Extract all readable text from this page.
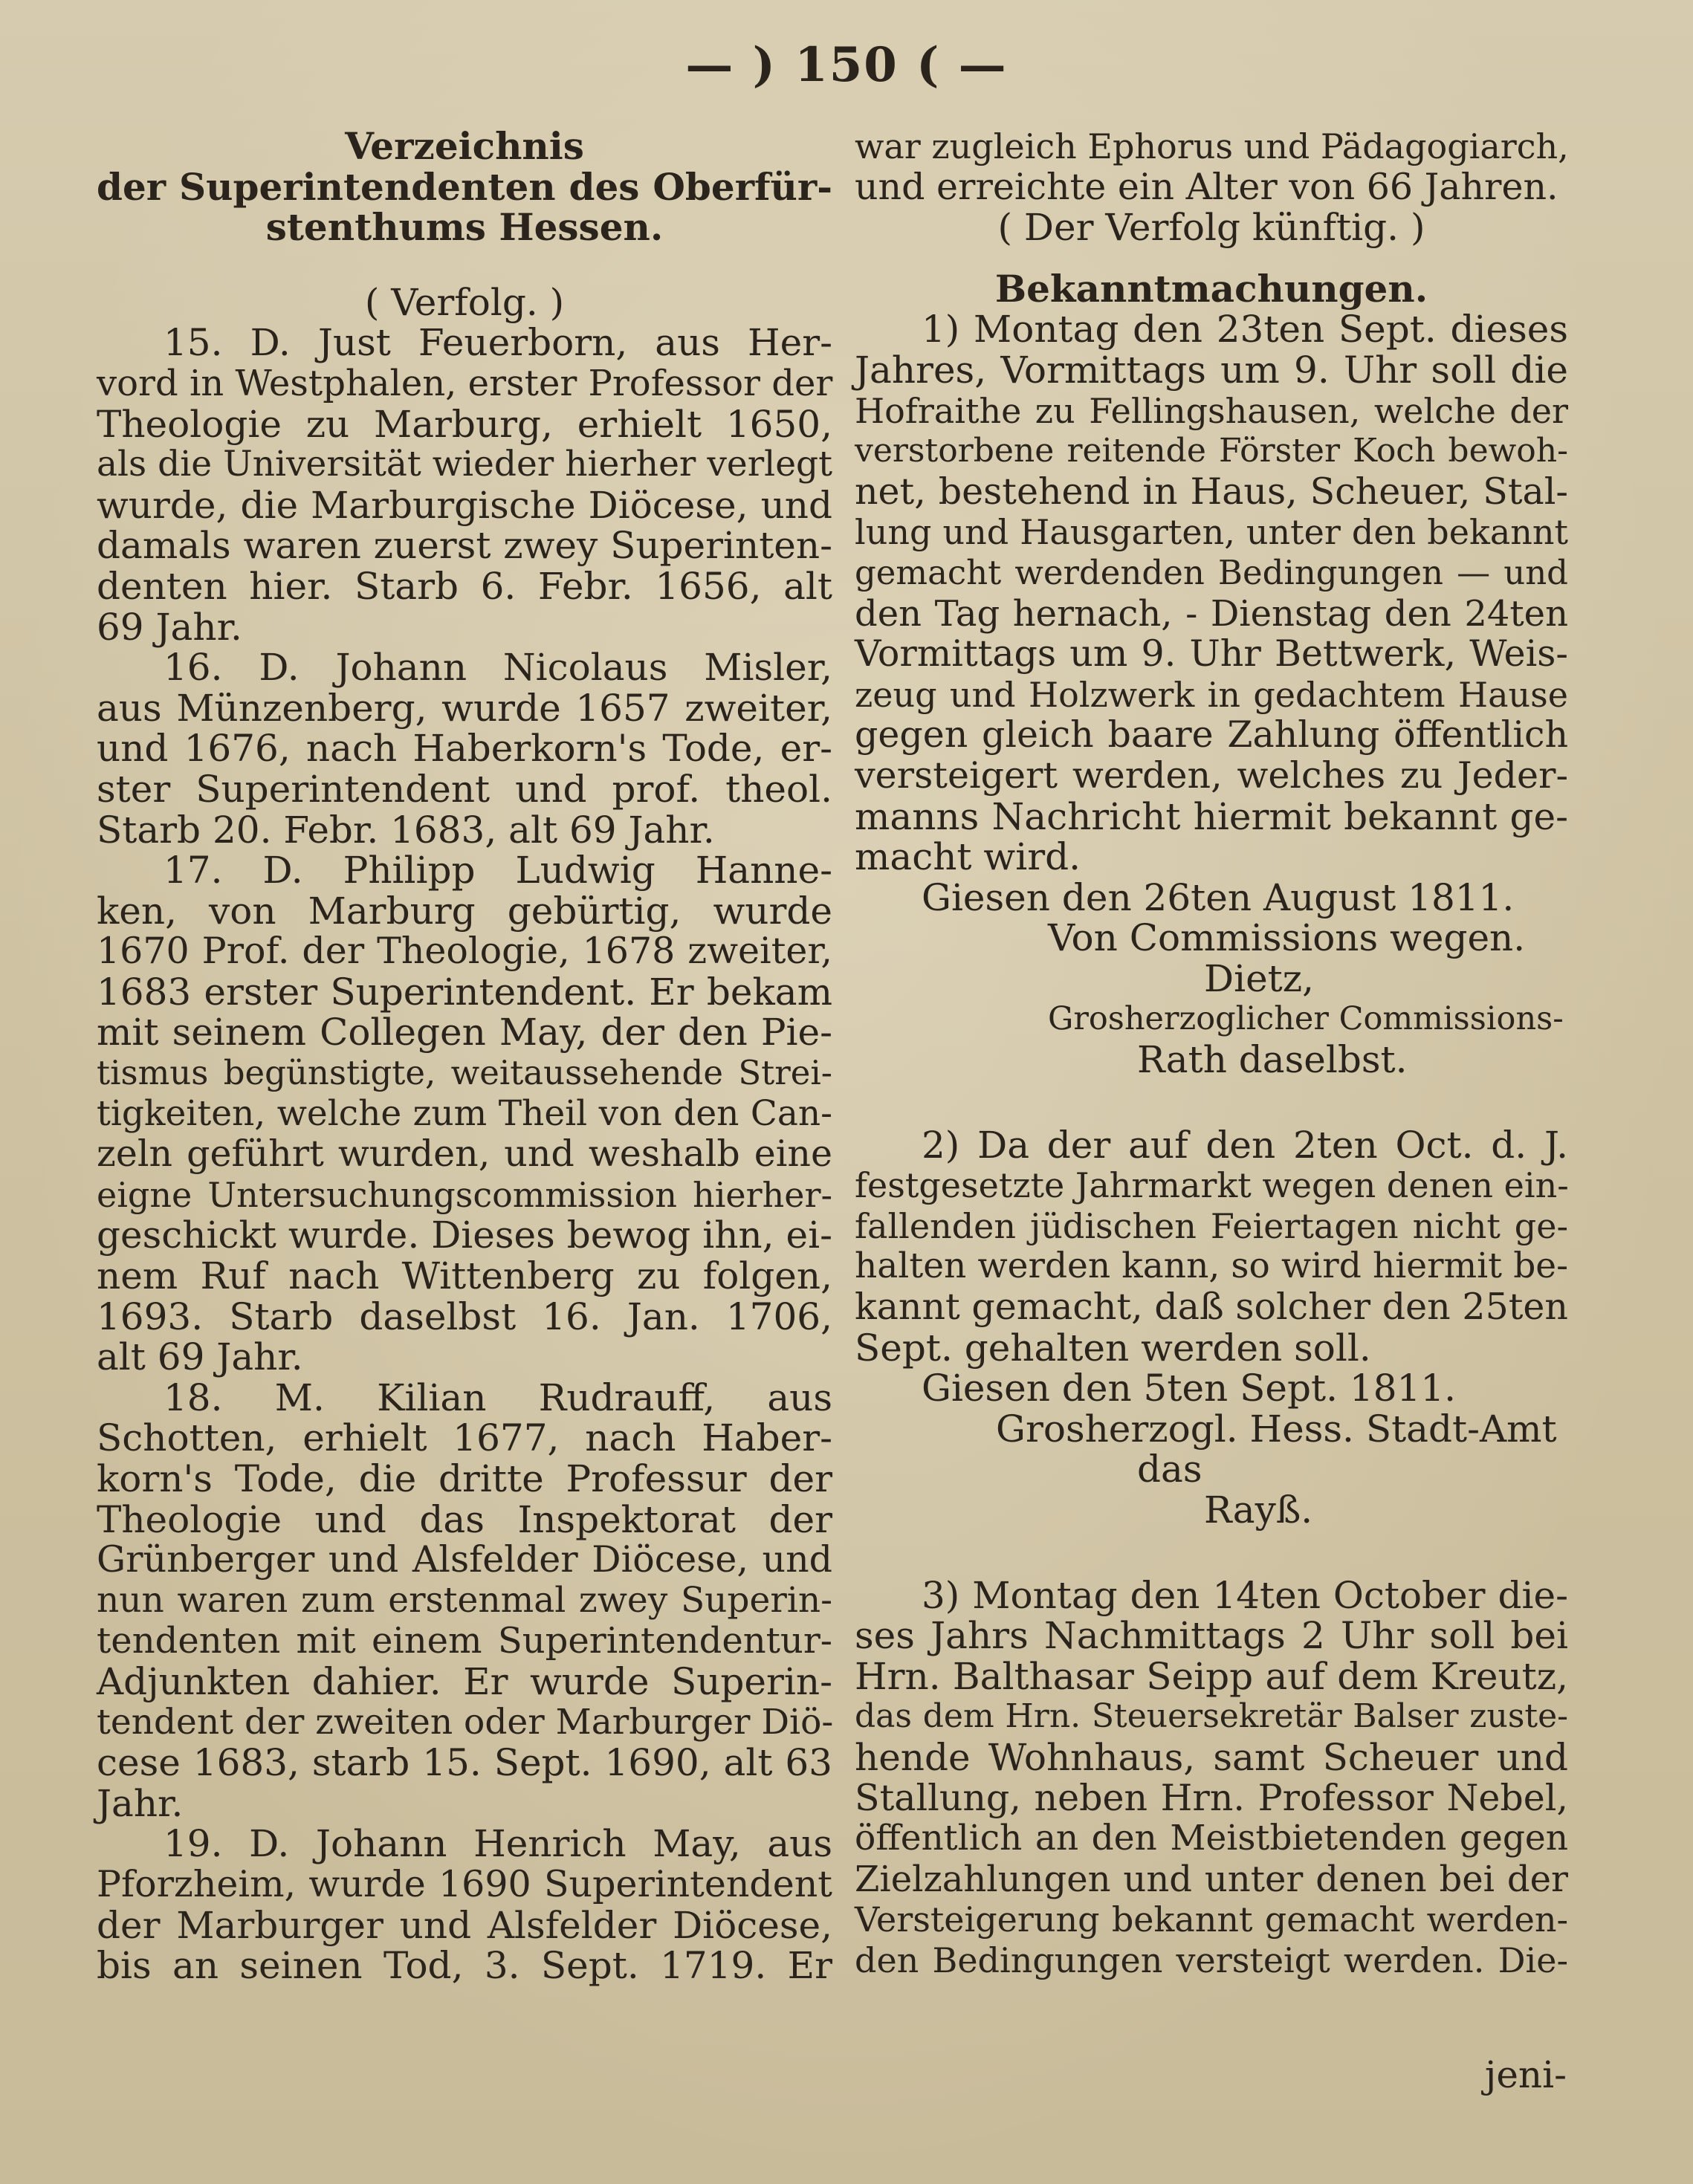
— ) 150 ( —
Verzeichnis
der Superintendenten des Oberfür-
stenthums Hessen.
( Verfolg. )
15. D. Just Feuerborn, aus Her-
vord in Westphalen, erster Professor der
Theologie zu Marburg, erhielt 1650,
als die Universität wieder hierher verlegt
wurde, die Marburgische Diöcese, und
damals waren zuerst zwey Superinten-
denten hier. Starb 6. Febr. 1656, alt
69 Jahr.
16. D. Johann Nicolaus Misler,
aus Münzenberg, wurde 1657 zweiter,
und 1676, nach Haberkorn's Tode, er-
ster Superintendent und prof. theol.
Starb 20. Febr. 1683, alt 69 Jahr.
17. D. Philipp Ludwig Hanne-
ken, von Marburg gebürtig, wurde
1670 Prof. der Theologie, 1678 zweiter,
1683 erster Superintendent. Er bekam
mit seinem Collegen May, der den Pie-
tismus begünstigte, weitaussehende Strei-
tigkeiten, welche zum Theil von den Can-
zeln geführt wurden, und weshalb eine
eigne Untersuchungscommission hierher-
geschickt wurde. Dieses bewog ihn, ei-
nem Ruf nach Wittenberg zu folgen,
1693. Starb daselbst 16. Jan. 1706,
alt 69 Jahr.
18. M. Kilian Rudrauff, aus
Schotten, erhielt 1677, nach Haber-
korn's Tode, die dritte Professur der
Theologie und das Inspektorat der
Grünberger und Alsfelder Diöcese, und
nun waren zum erstenmal zwey Superin-
tendenten mit einem Superintendentur-
Adjunkten dahier. Er wurde Superin-
tendent der zweiten oder Marburger Diö-
cese 1683, starb 15. Sept. 1690, alt 63
Jahr.
19. D. Johann Henrich May, aus
Pforzheim, wurde 1690 Superintendent
der Marburger und Alsfelder Diöcese,
bis an seinen Tod, 3. Sept. 1719. Er
war zugleich Ephorus und Pädagogiarch,
und erreichte ein Alter von 66 Jahren.
( Der Verfolg künftig. )
Bekanntmachungen.
1) Montag den 23ten Sept. dieses
Jahres, Vormittags um 9. Uhr soll die
Hofraithe zu Fellingshausen, welche der
verstorbene reitende Förster Koch bewoh-
net, bestehend in Haus, Scheuer, Stal-
lung und Hausgarten, unter den bekannt
gemacht werdenden Bedingungen — und
den Tag hernach, - Dienstag den 24ten
Vormittags um 9. Uhr Bettwerk, Weis-
zeug und Holzwerk in gedachtem Hause
gegen gleich baare Zahlung öffentlich
versteigert werden, welches zu Jeder-
manns Nachricht hiermit bekannt ge-
macht wird.
Giesen den 26ten August 1811.
Von Commissions wegen.
Dietz,
Grosherzoglicher Commissions-
Rath daselbst.
2) Da der auf den 2ten Oct. d. J.
festgesetzte Jahrmarkt wegen denen ein-
fallenden jüdischen Feiertagen nicht ge-
halten werden kann, so wird hiermit be-
kannt gemacht, daß solcher den 25ten
Sept. gehalten werden soll.
Giesen den 5ten Sept. 1811.
Grosherzogl. Hess. Stadt-Amt
das
Rayß.
3) Montag den 14ten October die-
ses Jahrs Nachmittags 2 Uhr soll bei
Hrn. Balthasar Seipp auf dem Kreutz,
das dem Hrn. Steuersekretär Balser zuste-
hende Wohnhaus, samt Scheuer und
Stallung, neben Hrn. Professor Nebel,
öffentlich an den Meistbietenden gegen
Zielzahlungen und unter denen bei der
Versteigerung bekannt gemacht werden-
den Bedingungen versteigt werden. Die-
jeni-
